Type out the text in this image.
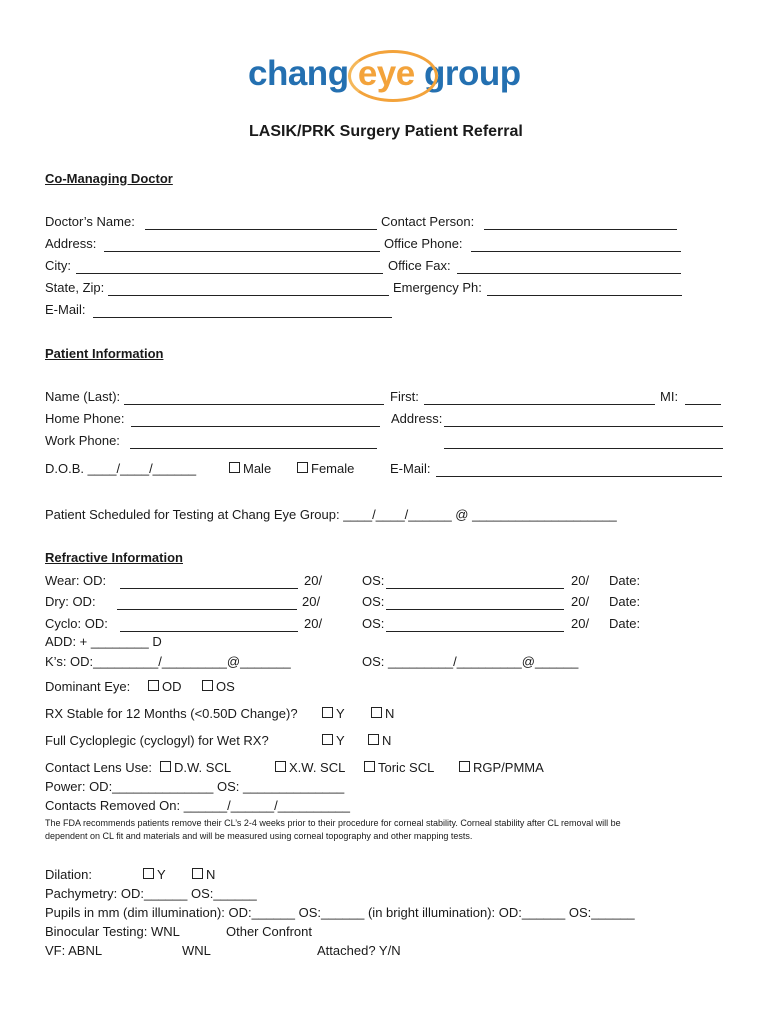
chang eye group
LASIK/PRK Surgery Patient Referral
Co-Managing Doctor
Doctor’s Name:	Contact Person:
Address:	Office Phone:
City:	Office Fax:
State, Zip:	Emergency Ph:
E-Mail:
Patient Information
Name (Last):	First:	MI:
Home Phone:	Address:
Work Phone:
D.O.B. ____/____/______	Male	Female	E-Mail:
Patient Scheduled for Testing at Chang Eye Group: ____/____/______ @ ____________________
Refractive Information
Wear: OD:	20/	OS:	20/ Date:
Dry: OD:	20/	OS:	20/ Date:
Cyclo: OD:	20/	OS:	20/ Date:
ADD: + ________ D
K’s: OD:_________/_________@_______	OS: _________/_________@______
Dominant Eye:	OD	OS
RX Stable for 12 Months (<0.50D Change)?	Y	N
Full Cycloplegic (cyclogyl) for Wet RX?	Y	N
Contact Lens Use:	D.W. SCL	X.W. SCL	Toric SCL	RGP/PMMA
Power: OD:______________ OS: ______________
Contacts Removed On: ______/______/__________
The FDA recommends patients remove their CL’s 2-4 weeks prior to their procedure for corneal stability. Corneal stability after CL removal will be
dependent on CL fit and materials and will be measured using corneal topography and other mapping tests.
Dilation:	Y	N
Pachymetry: OD:______ OS:______
Pupils in mm (dim illumination): OD:______ OS:______ (in bright illumination): OD:______ OS:______
Binocular Testing: WNL	Other Confront
VF: ABNL	WNL	Attached? Y/N
